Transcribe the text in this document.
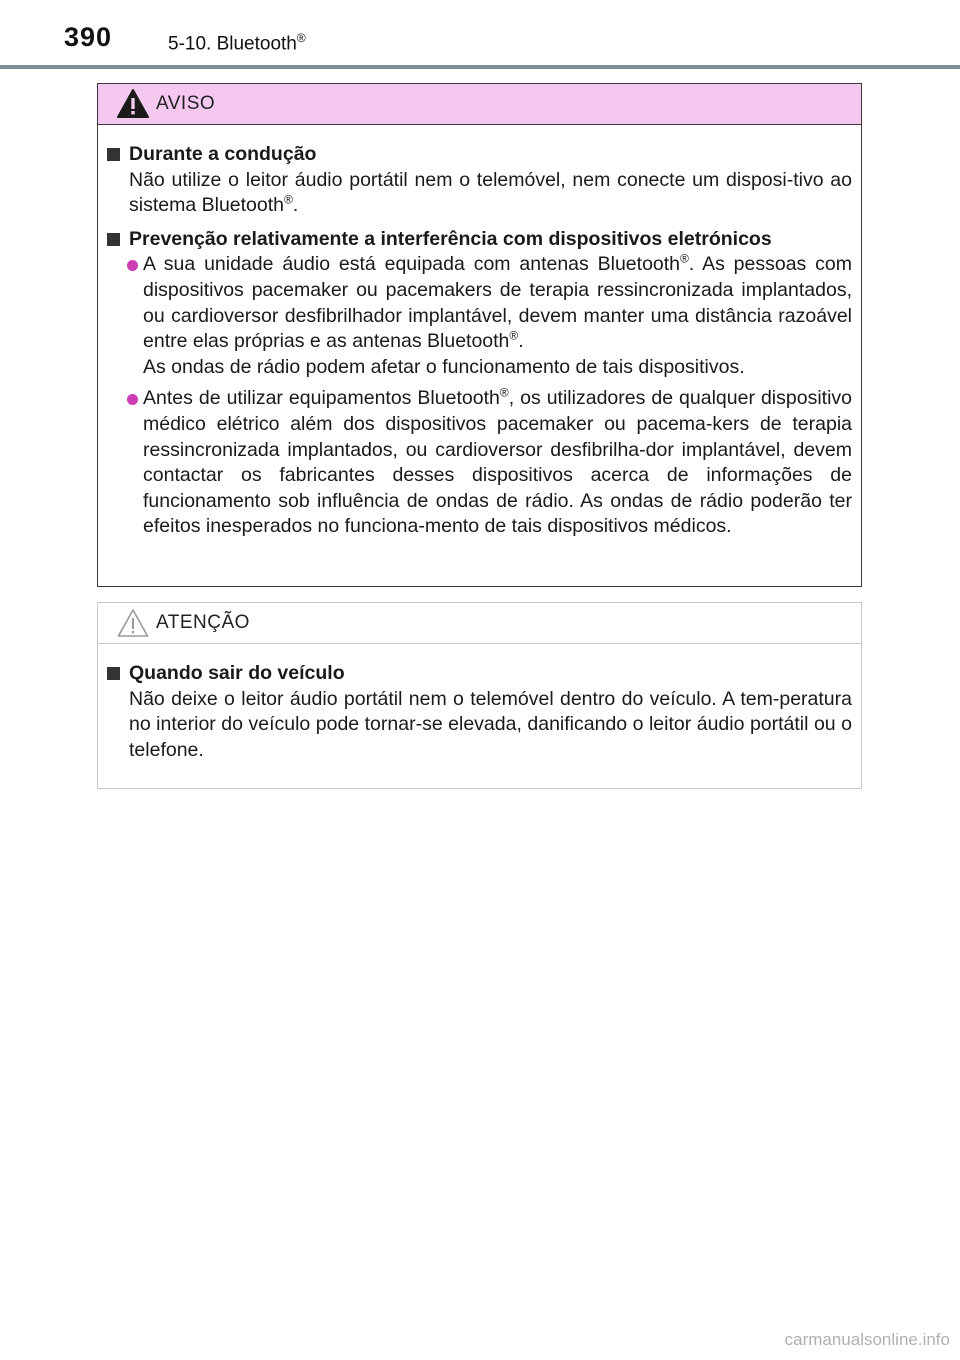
390	5-10. Bluetooth®
AVISO
Durante a condução
Não utilize o leitor áudio portátil nem o telemóvel, nem conecte um disposi-tivo ao sistema Bluetooth®.
Prevenção relativamente a interferência com dispositivos eletrónicos
A sua unidade áudio está equipada com antenas Bluetooth®. As pessoas com dispositivos pacemaker ou pacemakers de terapia ressincronizada implantados, ou cardioversor desfibrilhador implantável, devem manter uma distância razoável entre elas próprias e as antenas Bluetooth®.
As ondas de rádio podem afetar o funcionamento de tais dispositivos.
Antes de utilizar equipamentos Bluetooth®, os utilizadores de qualquer dispositivo médico elétrico além dos dispositivos pacemaker ou pacema-kers de terapia ressincronizada implantados, ou cardioversor desfibrilha-dor implantável, devem contactar os fabricantes desses dispositivos acerca de informações de funcionamento sob influência de ondas de rádio. As ondas de rádio poderão ter efeitos inesperados no funciona-mento de tais dispositivos médicos.
ATENÇÃO
Quando sair do veículo
Não deixe o leitor áudio portátil nem o telemóvel dentro do veículo. A tem-peratura no interior do veículo pode tornar-se elevada, danificando o leitor áudio portátil ou o telefone.
carmanualsonline.info
